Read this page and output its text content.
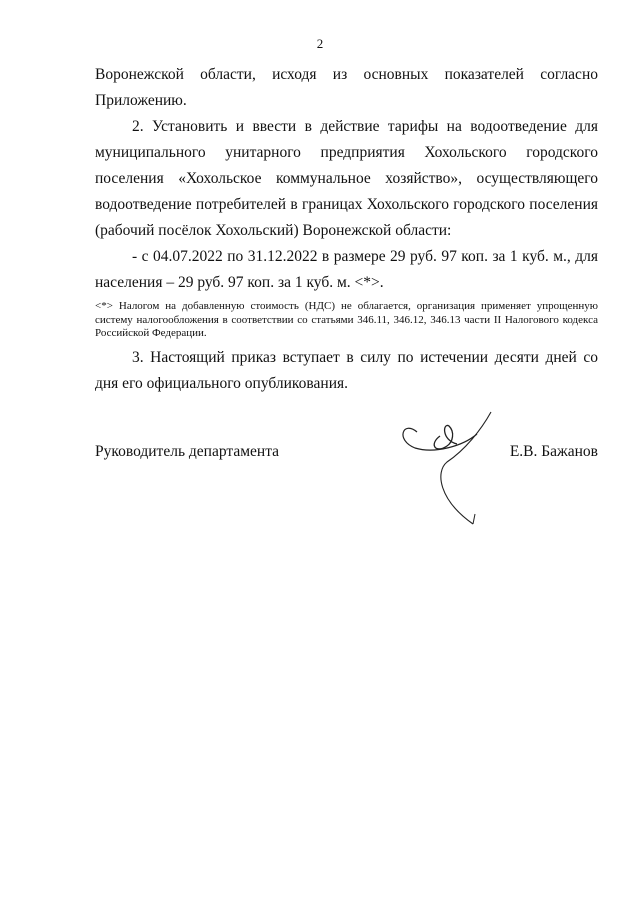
2

Воронежской области, исходя из основных показателей согласно Приложению.

2. Установить и ввести в действие тарифы на водоотведение для муниципального унитарного предприятия Хохольского городского поселения «Хохольское коммунальное хозяйство», осуществляющего водоотведение потребителей в границах Хохольского городского поселения (рабочий посёлок Хохольский) Воронежской области:

- с 04.07.2022 по 31.12.2022 в размере 29 руб. 97 коп. за 1 куб. м., для населения – 29 руб. 97 коп. за 1 куб. м. <*>.

<*> Налогом на добавленную стоимость (НДС) не облагается, организация применяет упрощенную систему налогообложения в соответствии со статьями 346.11, 346.12, 346.13 части II Налогового кодекса Российской Федерации.

3. Настоящий приказ вступает в силу по истечении десяти дней со дня его официального опубликования.

Руководитель департамента	Е.В. Бажанов
